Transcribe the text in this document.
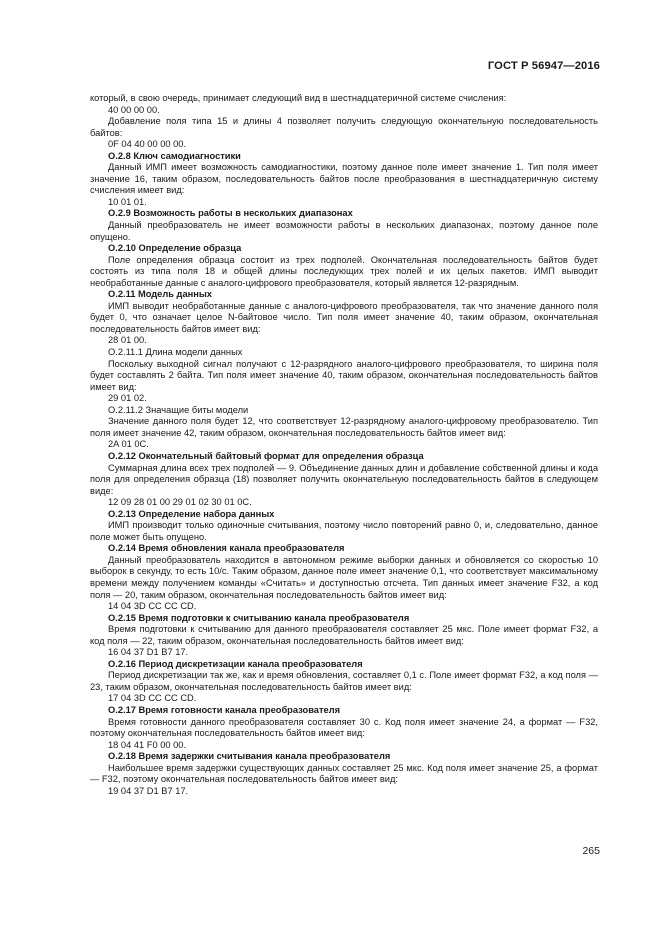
ГОСТ Р 56947—2016
который, в свою очередь, принимает следующий вид в шестнадцатеричной системе счисления:
40 00 00 00.
Добавление поля типа 15 и длины 4 позволяет получить следующую окончательную последовательность байтов:
0F 04 40 00 00 00.
О.2.8 Ключ самодиагностики
Данный ИМП имеет возможность самодиагностики, поэтому данное поле имеет значение 1. Тип поля имеет значение 16, таким образом, последовательность байтов после преобразования в шестнадцатеричную систему счисления имеет вид:
10 01 01.
О.2.9 Возможность работы в нескольких диапазонах
Данный преобразователь не имеет возможности работы в нескольких диапазонах, поэтому данное поле опущено.
О.2.10 Определение образца
Поле определения образца состоит из трех подполей. Окончательная последовательность байтов будет состоять из типа поля 18 и общей длины последующих трех полей и их целых пакетов. ИМП выводит необработанные данные с аналого-цифрового преобразователя, который является 12-разрядным.
О.2.11 Модель данных
ИМП выводит необработанные данные с аналого-цифрового преобразователя, так что значение данного поля будет 0, что означает целое N-байтовое число. Тип поля имеет значение 40, таким образом, окончательная последовательность байтов имеет вид:
28 01 00.
О.2.11.1 Длина модели данных
Поскольку выходной сигнал получают с 12-разрядного аналого-цифрового преобразователя, то ширина поля будет составлять 2 байта. Тип поля имеет значение 40, таким образом, окончательная последовательность байтов имеет вид:
29 01 02.
О.2.11.2 Значащие биты модели
Значение данного поля будет 12, что соответствует 12-разрядному аналого-цифровому преобразователю. Тип поля имеет значение 42, таким образом, окончательная последовательность байтов имеет вид:
2A 01 0C.
О.2.12 Окончательный байтовый формат для определения образца
Суммарная длина всех трех подполей — 9. Объединение данных длин и добавление собственной длины и кода поля для определения образца (18) позволяет получить окончательную последовательность байтов в следующем виде:
12 09 28 01 00 29 01 02 30 01 0C.
О.2.13 Определение набора данных
ИМП производит только одиночные считывания, поэтому число повторений равно 0, и, следовательно, данное поле может быть опущено.
О.2.14 Время обновления канала преобразователя
Данный преобразователь находится в автономном режиме выборки данных и обновляется со скоростью 10 выборок в секунду, то есть 10/с. Таким образом, данное поле имеет значение 0,1, что соответствует максимальному времени между получением команды «Считать» и доступностью отсчета. Тип данных имеет значение F32, а код поля — 20, таким образом, окончательная последовательность байтов имеет вид:
14 04 3D CC CC CD.
О.2.15 Время подготовки к считыванию канала преобразователя
Время подготовки к считыванию для данного преобразователя составляет 25 мкс. Поле имеет формат F32, а код поля — 22, таким образом, окончательная последовательность байтов имеет вид:
16 04 37 D1 B7 17.
О.2.16 Период дискретизации канала преобразователя
Период дискретизации так же, как и время обновления, составляет 0,1 с. Поле имеет формат F32, а код поля — 23, таким образом, окончательная последовательность байтов имеет вид:
17 04 3D CC CC CD.
О.2.17 Время готовности канала преобразователя
Время готовности данного преобразователя составляет 30 с. Код поля имеет значение 24, а формат — F32, поэтому окончательная последовательность байтов имеет вид:
18 04 41 F0 00 00.
О.2.18 Время задержки считывания канала преобразователя
Наибольшее время задержки существующих данных составляет 25 мкс. Код поля имеет значение 25, а формат — F32, поэтому окончательная последовательность байтов имеет вид:
19 04 37 D1 B7 17.
265
